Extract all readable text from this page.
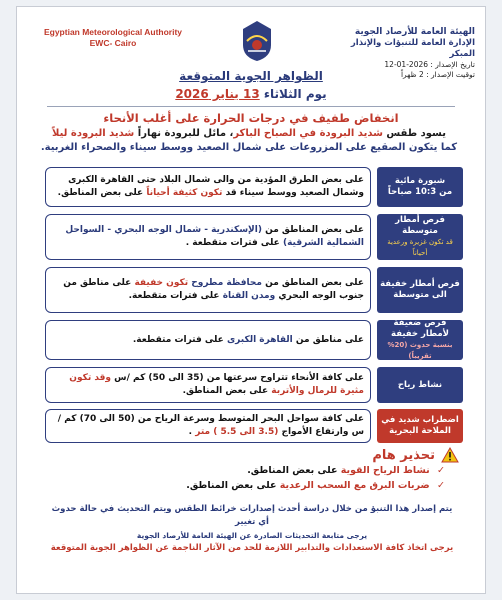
Egyptian Meteorological Authority
EWC- Cairo
الهيئة العامة للأرصاد الجوية
الإدارة العامة للتنبؤات والإنذار المبكر
تاريخ الإصدار : 2026-01-12
توقيت الإصدار : 2 ظهراً
الظواهر الجوية المتوقعة
يوم الثلاثاء 13 يناير 2026
انخفاض طفيف في درجات الحرارة على أغلب الأنحاء
يسود طقس شديد البرودة في الصباح الباكر، مائل للبرودة نهاراً شديد البرودة ليلاً
كما يتكون الصقيع على المزروعات على شمال الصعيد ووسط سيناء والصحراء الغربية.
شبورة مائية
من 10:3 صباحاً
على بعض الطرق المؤدية من والى شمال البلاد حتى القاهرة الكبرى وشمال الصعيد ووسط سيناء قد تكون كثيفة أحياناً على بعض المناطق.
فرص أمطار متوسطة
قد تكون غزيرة ورعدية أحياناً
على بعض المناطق من (الإسكندرية - شمال الوجه البحري - السواحل الشمالية الشرقية) على فترات متقطعة .
فرص أمطار خفيفة
الى متوسطة
على بعض المناطق من محافظة مطروح تكون خفيفة على مناطق من جنوب الوجه البحري ومدن القناة على فترات متقطعة.
فرص ضعيفة لأمطار خفيفة
بنسبة حدوث (20% تقريباً)
على مناطق من القاهرة الكبرى على فترات متقطعة.
نشاط رياح
على كافة الأنحاء تتراوح سرعتها من (35 الى 50) كم /س وقد تكون مثيرة للرمال والأتربة على بعض المناطق.
اضطراب شديد في
الملاحة البحرية
على كافة سواحل البحر المتوسط وسرعة الرياح من (50 الى 70) كم / س وارتفاع الأمواج (3.5 الى 5.5 ) متر .
تحذير هام
✓ نشاط الرياح القوية على بعض المناطق.
✓ ضربات البرق مع السحب الرعدية على بعض المناطق.
يتم إصدار هذا التنبؤ من خلال دراسة أحدث إصدارات خرائط الطقس ويتم التحديث في حالة حدوث أي تغيير
يرجى متابعة التحديثات الصادرة عن الهيئة العامة للأرصاد الجوية
يرجى اتخاذ كافة الاستعدادات والتدابير اللازمة للحد من الآثار الناجمة عن الظواهر الجوية المتوقعة
